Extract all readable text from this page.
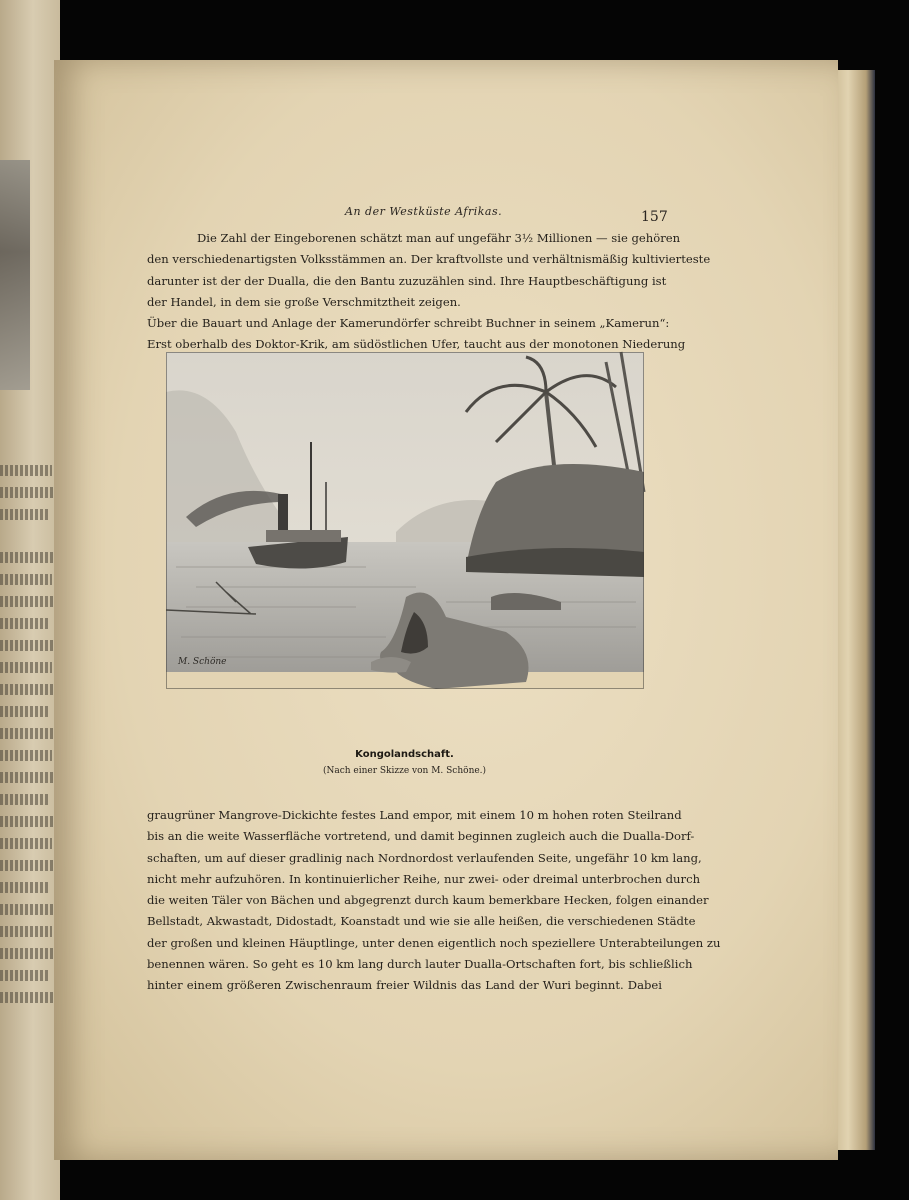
An der Westküste Afrikas.	157
Die Zahl der Eingeborenen schätzt man auf ungefähr 3½ Millionen — sie gehören
den verschiedenartigsten Volksstämmen an. Der kraftvollste und verhältnismäßig kultivierteste
darunter ist der der Dualla, die den Bantu zuzuzählen sind. Ihre Hauptbeschäftigung ist
der Handel, in dem sie große Verschmitztheit zeigen.
Über die Bauart und Anlage der Kamerundörfer schreibt Buchner in seinem „Kamerun“:
Erst oberhalb des Doktor-Krik, am südöstlichen Ufer, taucht aus der monotonen Niederung
M. Schöne
Kongolandschaft.
(Nach einer Skizze von M. Schöne.)
graugrüner Mangrove-Dickichte festes Land empor, mit einem 10 m hohen roten Steilrand
bis an die weite Wasserfläche vortretend, und damit beginnen zugleich auch die Dualla-Dorf-
schaften, um auf dieser gradlinig nach Nordnordost verlaufenden Seite, ungefähr 10 km lang,
nicht mehr aufzuhören. In kontinuierlicher Reihe, nur zwei- oder dreimal unterbrochen durch
die weiten Täler von Bächen und abgegrenzt durch kaum bemerkbare Hecken, folgen einander
Bellstadt, Akwastadt, Didostadt, Koanstadt und wie sie alle heißen, die verschiedenen Städte
der großen und kleinen Häuptlinge, unter denen eigentlich noch speziellere Unterabteilungen zu
benennen wären. So geht es 10 km lang durch lauter Dualla-Ortschaften fort, bis schließlich
hinter einem größeren Zwischenraum freier Wildnis das Land der Wuri beginnt. Dabei
